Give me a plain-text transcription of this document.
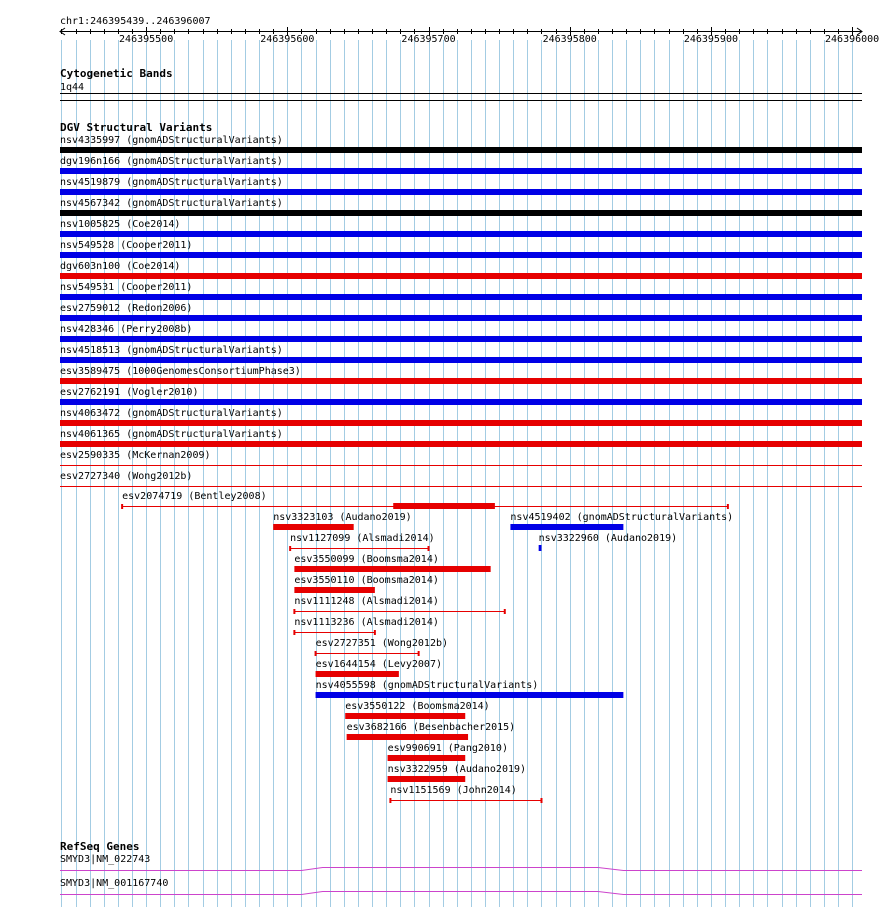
chr1:246395439..246396007
246395500	246395600	246395700	246395800	246395900	246396000
Cytogenetic Bands
1q44
DGV Structural Variants
nsv4335997 (gnomADStructuralVariants)
dgv196n166 (gnomADStructuralVariants)
nsv4519879 (gnomADStructuralVariants)
nsv4567342 (gnomADStructuralVariants)
nsv1005825 (Coe2014)
nsv549528 (Cooper2011)
dgv603n100 (Coe2014)
nsv549531 (Cooper2011)
esv2759012 (Redon2006)
nsv428346 (Perry2008b)
nsv4518513 (gnomADStructuralVariants)
esv3589475 (1000GenomesConsortiumPhase3)
esv2762191 (Vogler2010)
nsv4063472 (gnomADStructuralVariants)
nsv4061365 (gnomADStructuralVariants)
esv2590335 (McKernan2009)
esv2727340 (Wong2012b)
esv2074719 (Bentley2008)
nsv3323103 (Audano2019)	nsv4519402 (gnomADStructuralVariants)
nsv1127099 (Alsmadi2014)	nsv3322960 (Audano2019)
esv3550099 (Boomsma2014)
esv3550110 (Boomsma2014)
nsv1111248 (Alsmadi2014)
nsv1113236 (Alsmadi2014)
esv2727351 (Wong2012b)
esv1644154 (Levy2007)
nsv4055598 (gnomADStructuralVariants)
esv3550122 (Boomsma2014)
esv3682166 (Besenbacher2015)
esv990691 (Pang2010)
nsv3322959 (Audano2019)
nsv1151569 (John2014)
RefSeq Genes
SMYD3|NM_022743
SMYD3|NM_001167740
